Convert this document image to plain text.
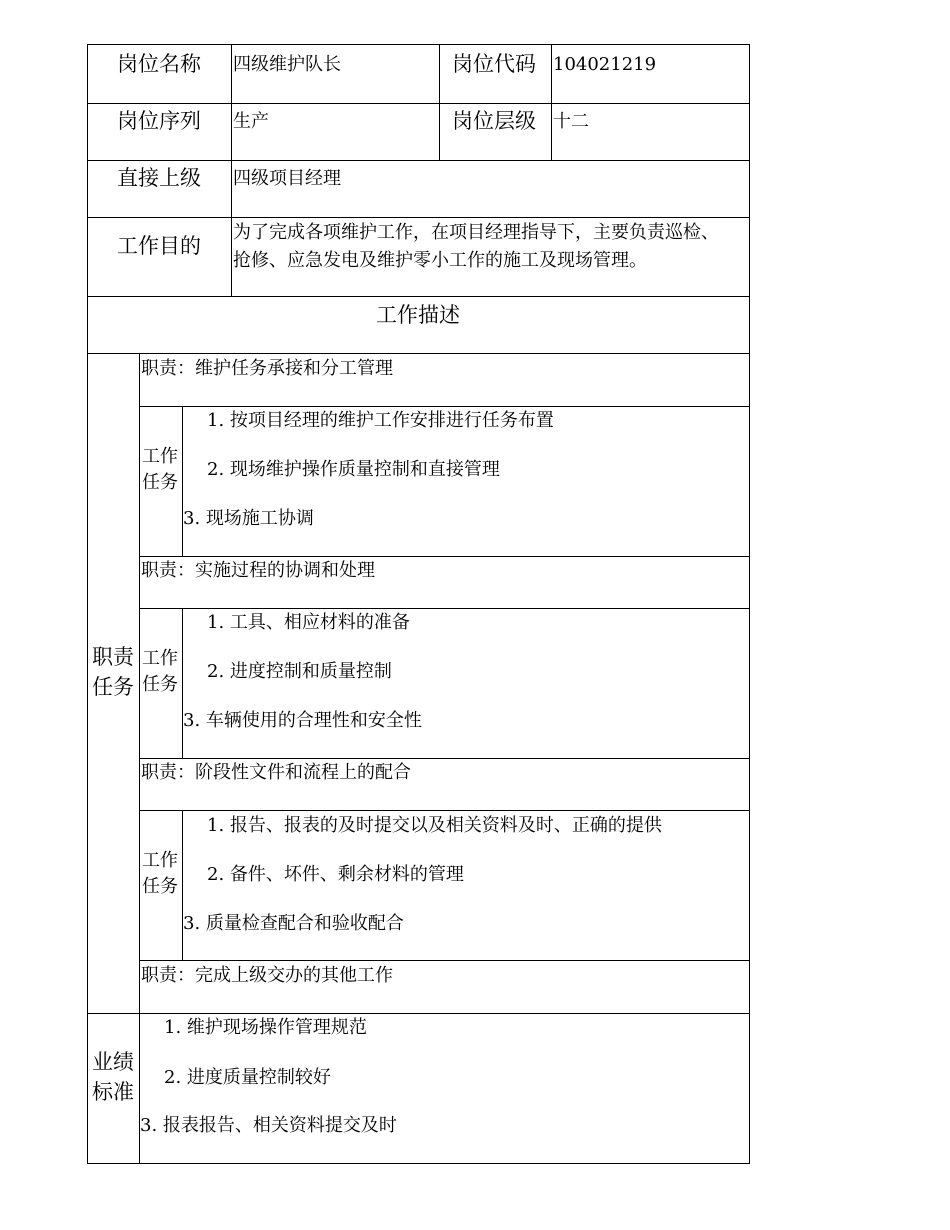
岗位名称 四级维护队长	岗位代码 104021219
岗位序列 生产	岗位层级 十二
直接上级 四级项目经理
工作目的
为了完成各项维护工作，在项目经理指导下，主要负责巡检、
抢修、应急发电及维护零小工作的施工及现场管理。
工作描述
职责
任务
职责：维护任务承接和分工管理
工作
任务
1. 按项目经理的维护工作安排进行任务布置
2. 现场维护操作质量控制和直接管理
3. 现场施工协调
职责：实施过程的协调和处理
工作
任务
1. 工具、相应材料的准备
2. 进度控制和质量控制
3. 车辆使用的合理性和安全性
职责：阶段性文件和流程上的配合
工作
任务
1. 报告、报表的及时提交以及相关资料及时、正确的提供
2. 备件、坏件、剩余材料的管理
3. 质量检查配合和验收配合
职责：完成上级交办的其他工作
业绩
标准
1. 维护现场操作管理规范
2. 进度质量控制较好
3. 报表报告、相关资料提交及时
